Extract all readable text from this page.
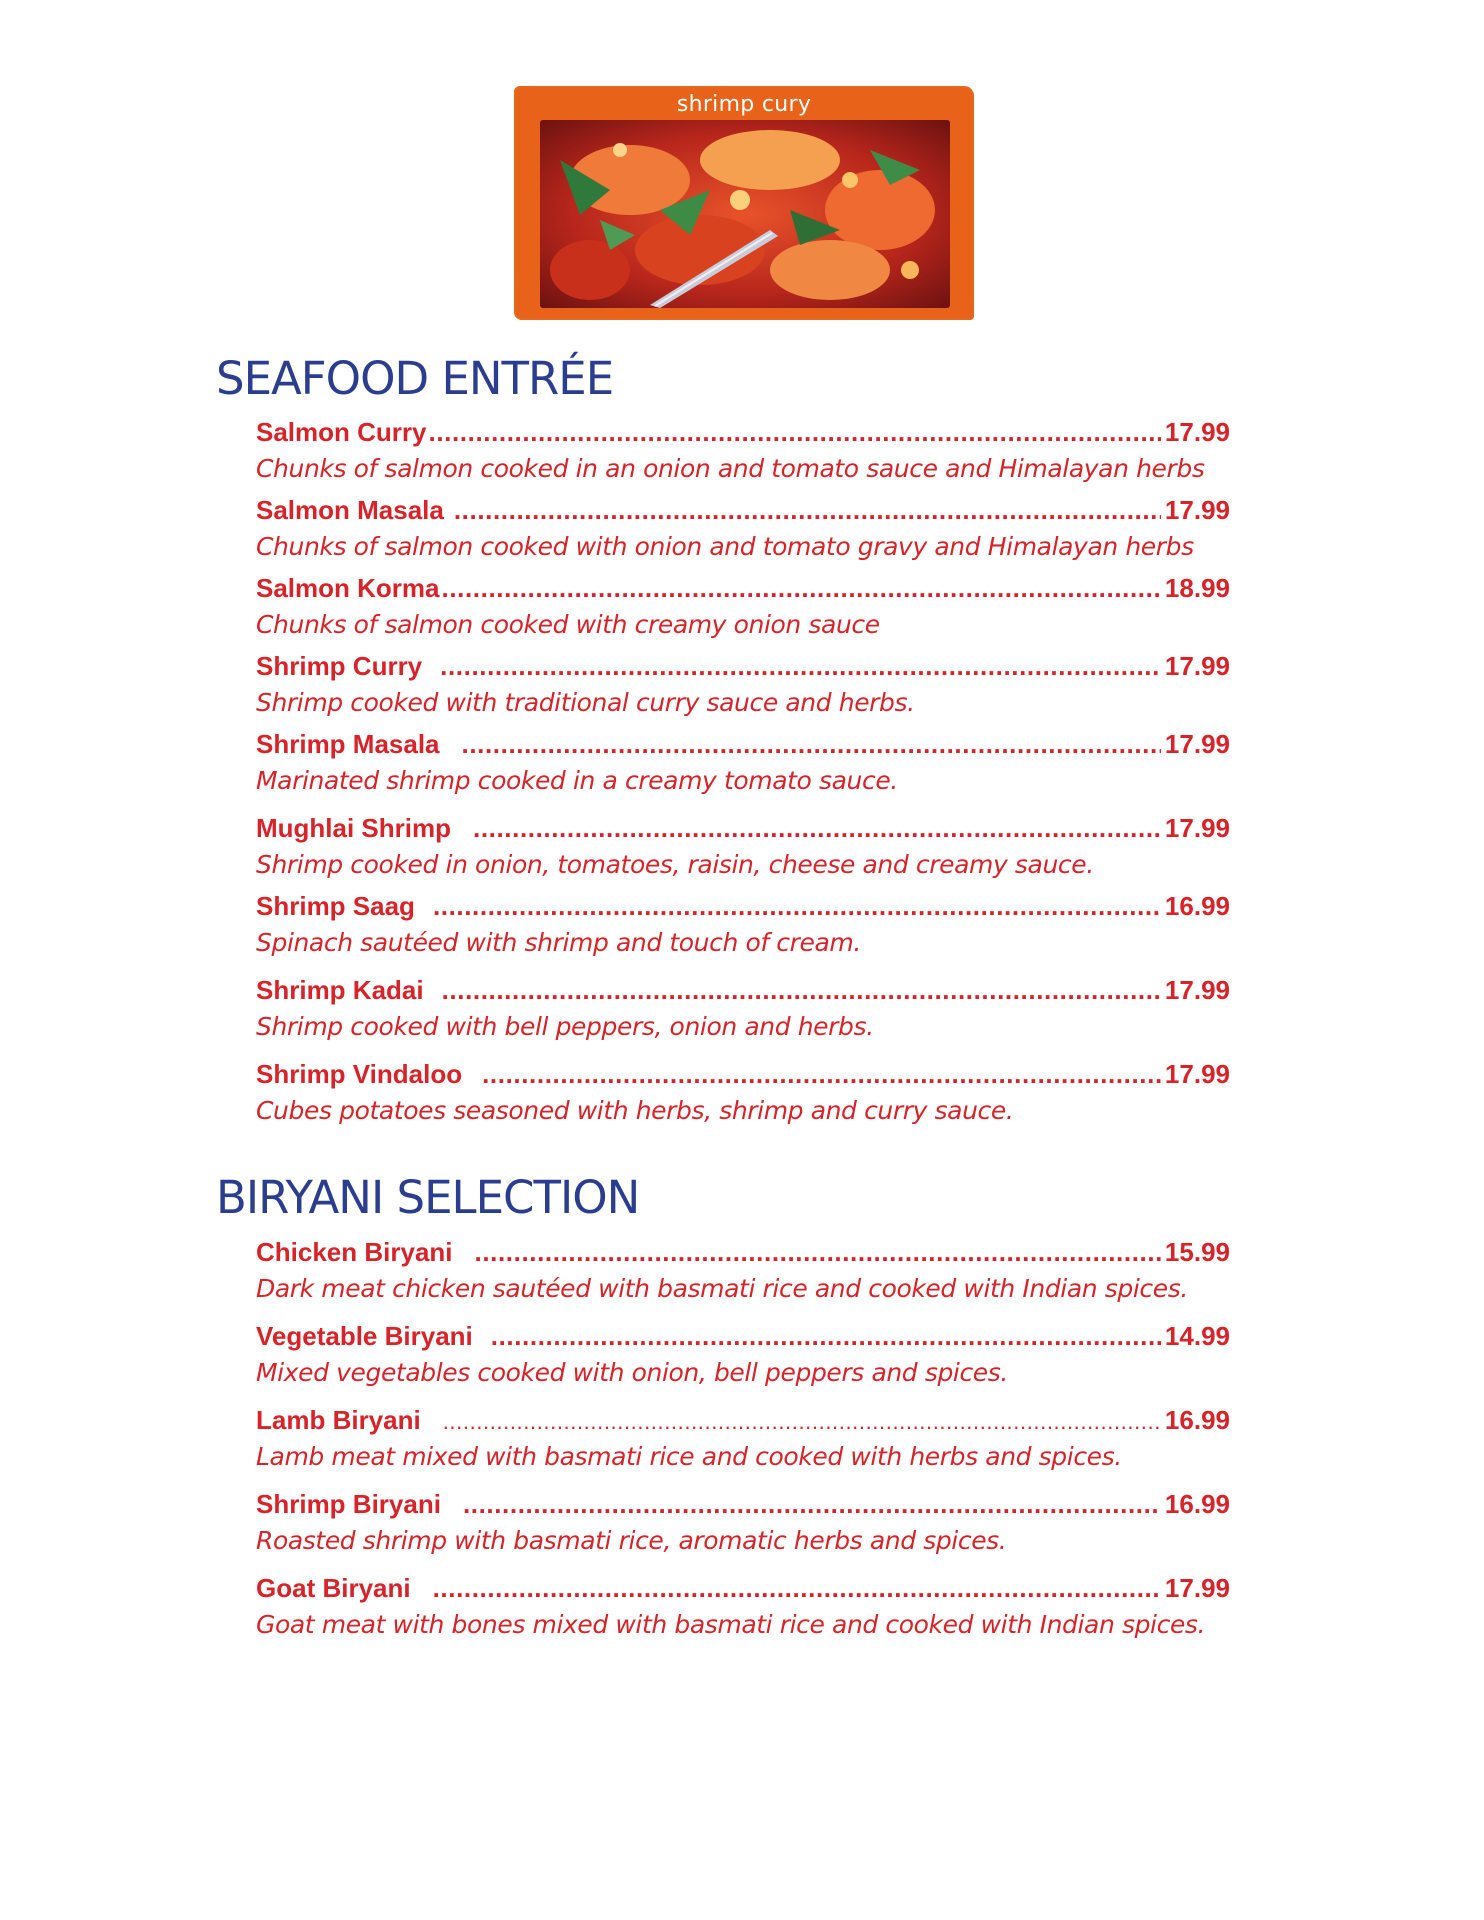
shrimp cury
SEAFOOD ENTRÉE
Salmon Curry .....	17.99
Chunks of salmon cooked in an onion and tomato sauce and Himalayan herbs
Salmon Masala .....	17.99
Chunks of salmon cooked with onion and tomato gravy and Himalayan herbs
Salmon Korma .....	18.99
Chunks of salmon cooked with creamy onion sauce
Shrimp Curry .....	17.99
Shrimp cooked with traditional curry sauce and herbs.
Shrimp Masala .....	17.99
Marinated shrimp cooked in a creamy tomato sauce.
Mughlai Shrimp .....	17.99
Shrimp cooked in onion, tomatoes, raisin, cheese and creamy sauce.
Shrimp Saag .....	16.99
Spinach sautéed with shrimp and touch of cream.
Shrimp Kadai .....	17.99
Shrimp cooked with bell peppers, onion and herbs.
Shrimp Vindaloo .....	17.99
Cubes potatoes seasoned with herbs, shrimp and curry sauce.
BIRYANI SELECTION
Chicken Biryani .....	15.99
Dark meat chicken sautéed with basmati rice and cooked with Indian spices.
Vegetable Biryani .....	14.99
Mixed vegetables cooked with onion, bell peppers and spices.
Lamb Biryani .....	16.99
Lamb meat mixed with basmati rice and cooked with herbs and spices.
Shrimp Biryani .....	16.99
Roasted shrimp with basmati rice, aromatic herbs and spices.
Goat Biryani .....	17.99
Goat meat with bones mixed with basmati rice and cooked with Indian spices.
